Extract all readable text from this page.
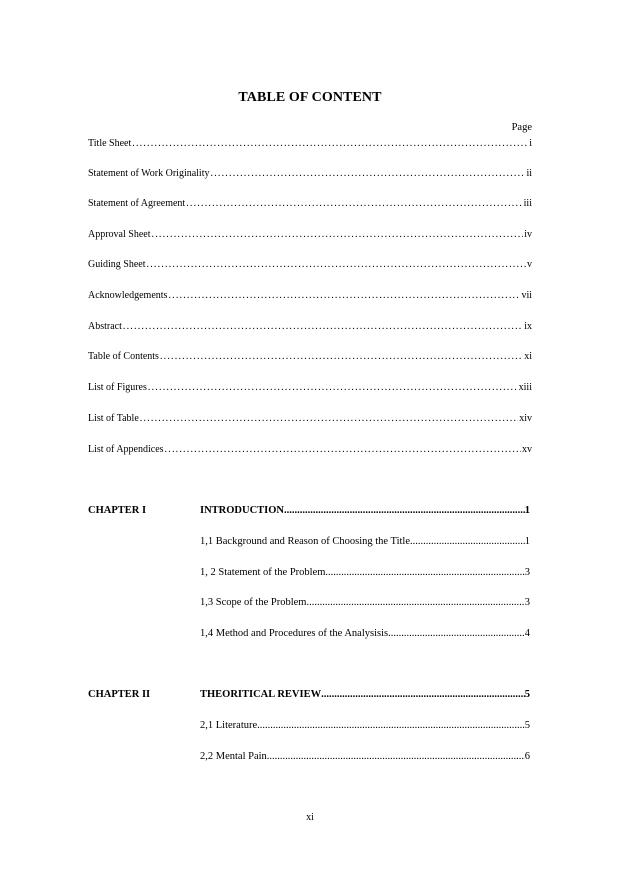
TABLE OF CONTENT
Page
Title Sheet .....	i
Statement of Work Originality .....	ii
Statement of Agreement .....	iii
Approval Sheet .....	iv
Guiding Sheet .....	v
Acknowledgements .....	vii
Abstract .....	ix
Table of Contents .....	xi
List of Figures .....	xiii
List of Table .....	xiv
List of Appendices .....	xv
CHAPTER I	INTRODUCTION .....	1
1,1 Background and Reason of Choosing the Title .....	1
1, 2 Statement of the Problem .....	3
1,3 Scope of the Problem .....	3
1,4 Method and Procedures of the Analysisis .....	4
CHAPTER II	THEORITICAL REVIEW .....	5
2,1 Literature .....	5
2,2 Mental Pain .....	6
xi
